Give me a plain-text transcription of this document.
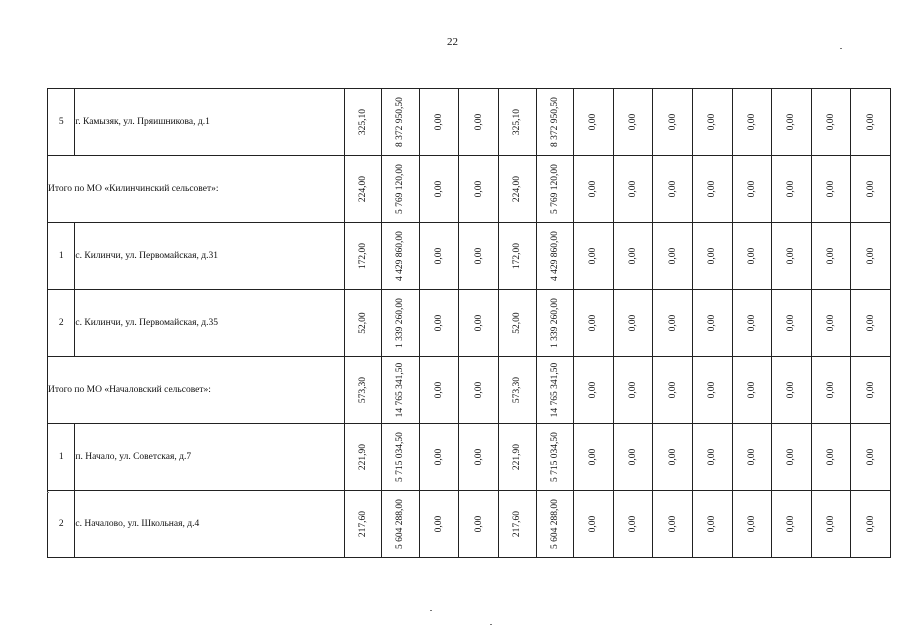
22
5	г. Камызяк, ул. Пряишникова, д.1	325,10	8 372 950,50	0,00	0,00	325,10	8 372 950,50	0,00	0,00	0,00	0,00	0,00	0,00	0,00	0,00

Итого по МО «Килинчинский сельсовет»:		224,00	5 769 120,00	0,00	0,00	224,00	5 769 120,00	0,00	0,00	0,00	0,00	0,00	0,00	0,00	0,00

1	с. Килинчи, ул. Первомайская, д.31	172,00	4 429 860,00	0,00	0,00	172,00	4 429 860,00	0,00	0,00	0,00	0,00	0,00	0,00	0,00	0,00

2	с. Килинчи, ул. Первомайская, д.35	52,00	1 339 260,00	0,00	0,00	52,00	1 339 260,00	0,00	0,00	0,00	0,00	0,00	0,00	0,00	0,00

Итого по МО «Началовский сельсовет»:		573,30	14 765 341,50	0,00	0,00	573,30	14 765 341,50	0,00	0,00	0,00	0,00	0,00	0,00	0,00	0,00

1	п. Начало, ул. Советская, д.7	221,90	5 715 034,50	0,00	0,00	221,90	5 715 034,50	0,00	0,00	0,00	0,00	0,00	0,00	0,00	0,00

2	с. Началово, ул. Школьная, д.4	217,60	5 604 288,00	0,00	0,00	217,60	5 604 288,00	0,00	0,00	0,00	0,00	0,00	0,00	0,00	0,00
